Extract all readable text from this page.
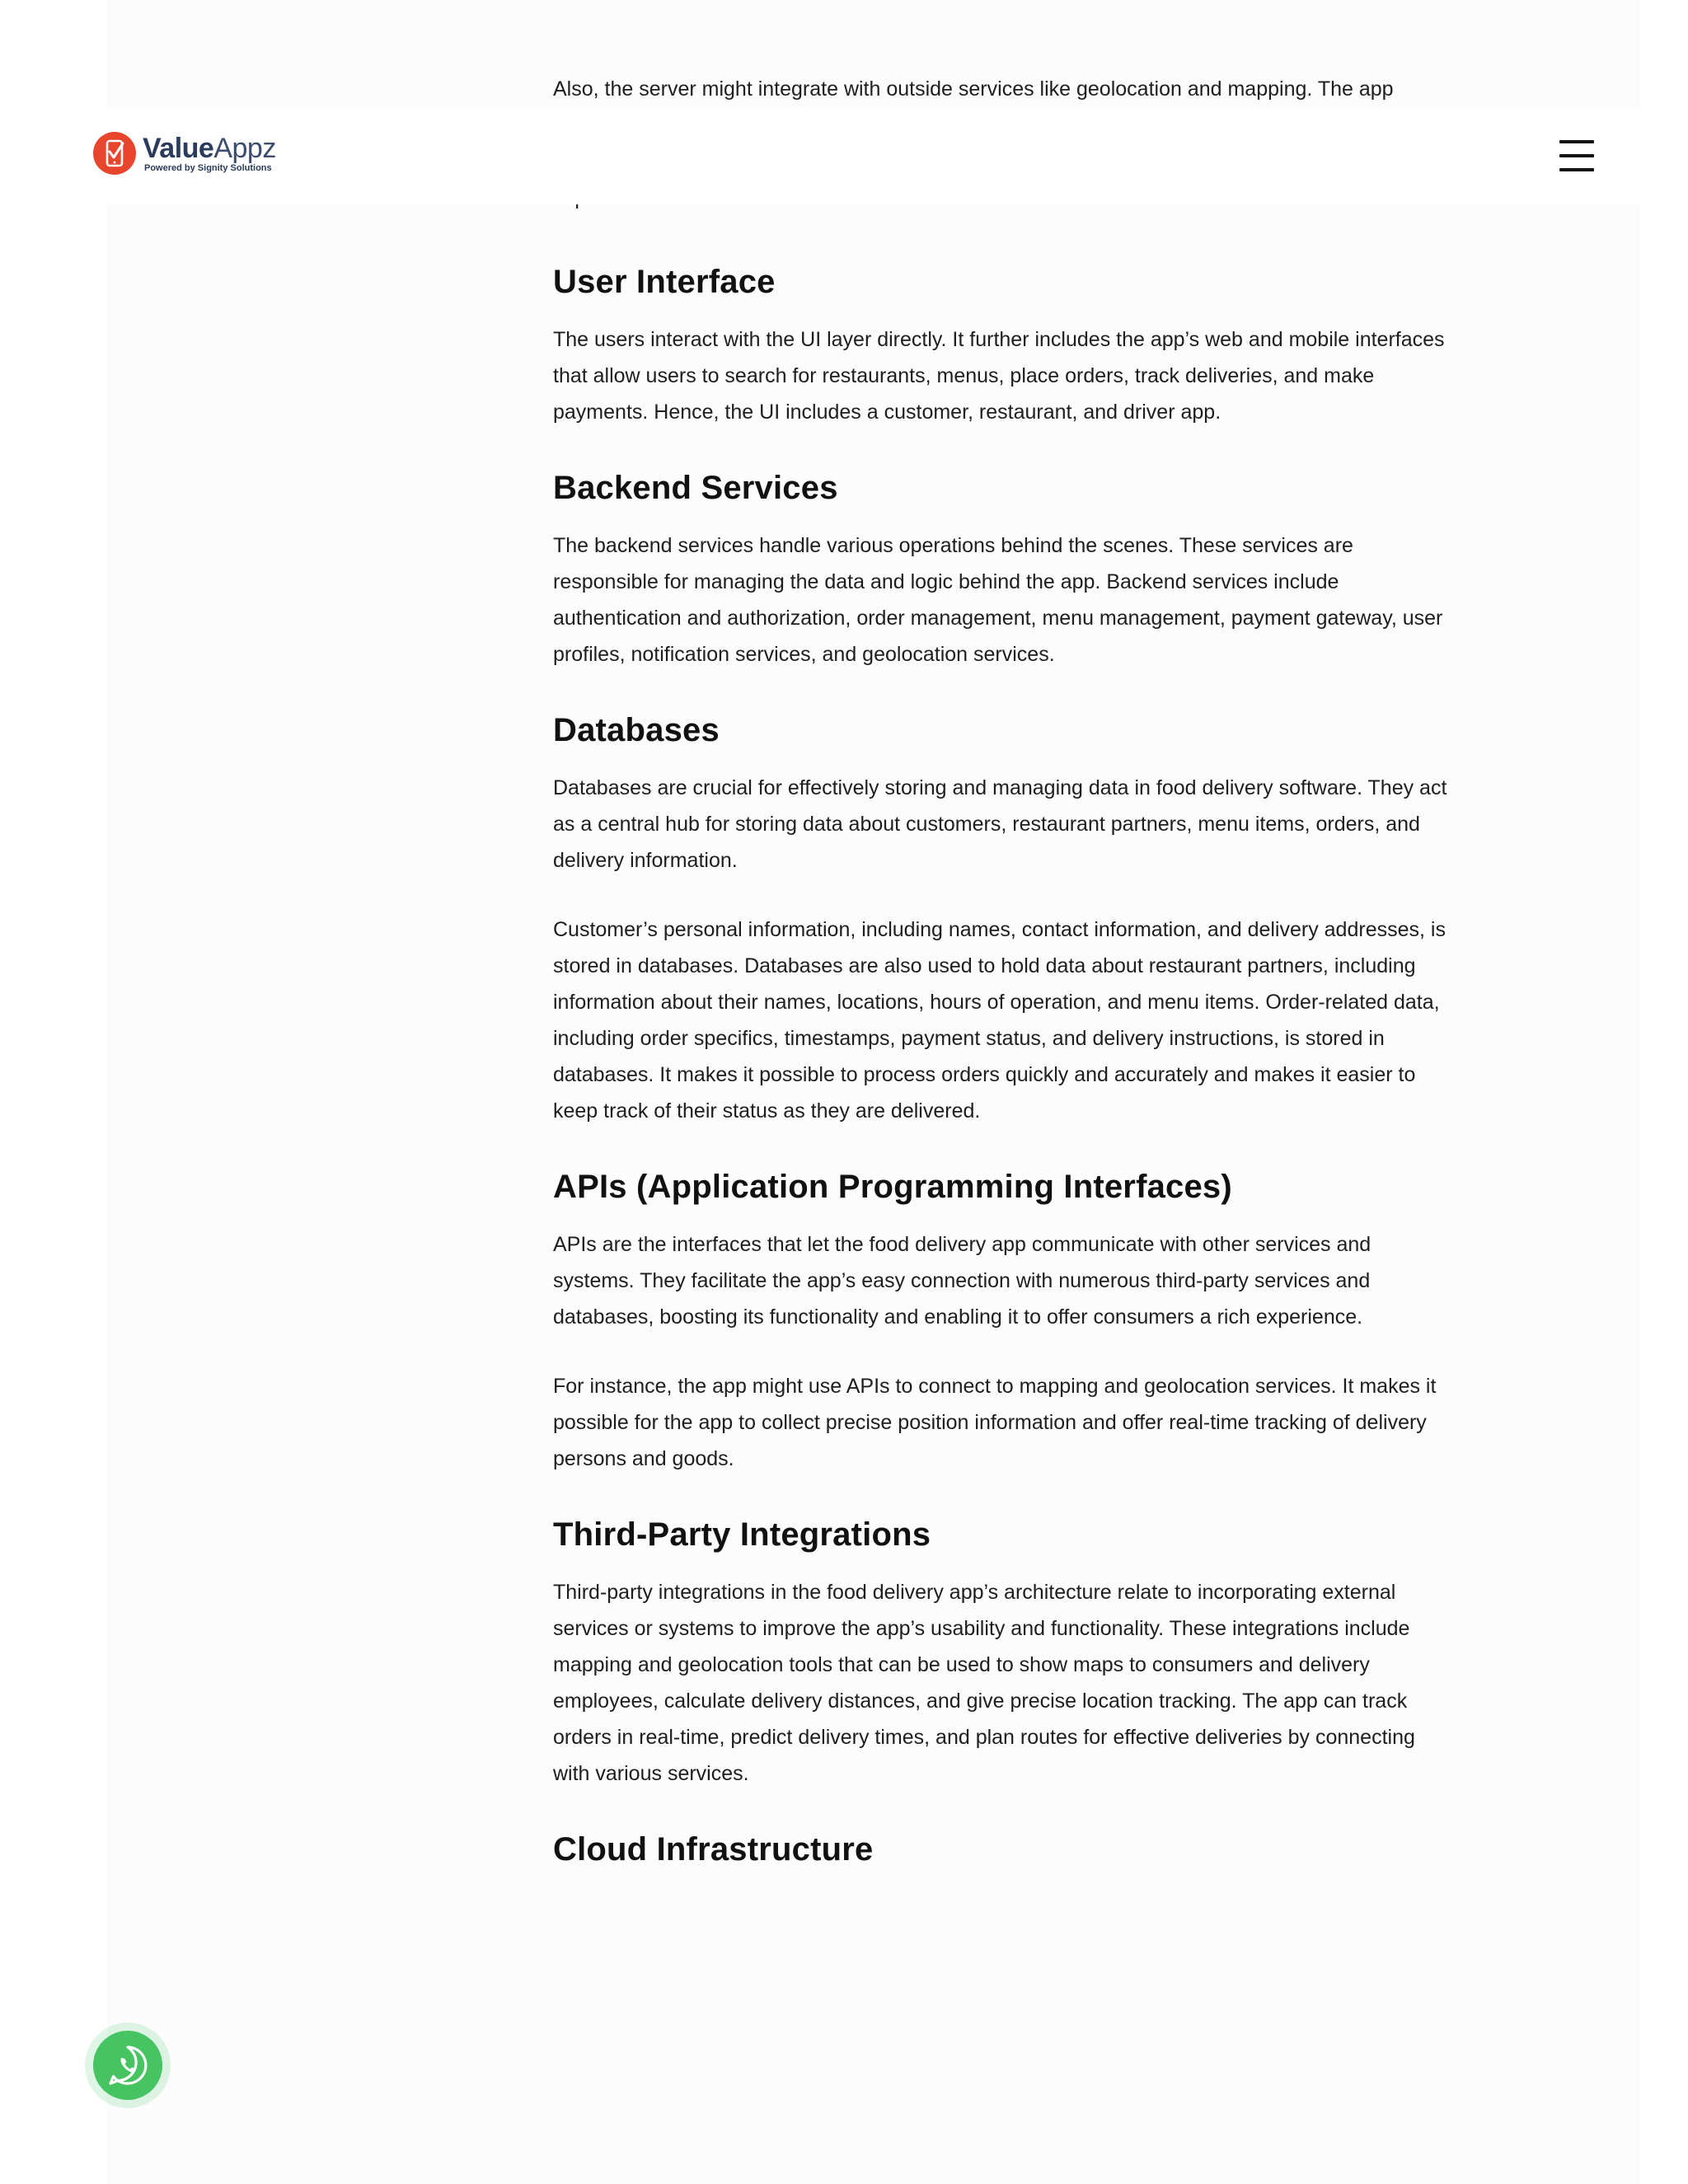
Also, the server might integrate with outside services like geolocation and mapping. The app

User Interface

The users interact with the UI layer directly. It further includes the app’s web and mobile interfaces that allow users to search for restaurants, menus, place orders, track deliveries, and make payments. Hence, the UI includes a customer, restaurant, and driver app.

Backend Services

The backend services handle various operations behind the scenes. These services are responsible for managing the data and logic behind the app. Backend services include authentication and authorization, order management, menu management, payment gateway, user profiles, notification services, and geolocation services.

Databases

Databases are crucial for effectively storing and managing data in food delivery software. They act as a central hub for storing data about customers, restaurant partners, menu items, orders, and delivery information.

Customer’s personal information, including names, contact information, and delivery addresses, is stored in databases. Databases are also used to hold data about restaurant partners, including information about their names, locations, hours of operation, and menu items. Order-related data, including order specifics, timestamps, payment status, and delivery instructions, is stored in databases. It makes it possible to process orders quickly and accurately and makes it easier to keep track of their status as they are delivered.

APIs (Application Programming Interfaces)

APIs are the interfaces that let the food delivery app communicate with other services and systems. They facilitate the app’s easy connection with numerous third-party services and databases, boosting its functionality and enabling it to offer consumers a rich experience.

For instance, the app might use APIs to connect to mapping and geolocation services. It makes it possible for the app to collect precise position information and offer real-time tracking of delivery persons and goods.

Third-Party Integrations

Third-party integrations in the food delivery app’s architecture relate to incorporating external services or systems to improve the app’s usability and functionality. These integrations include mapping and geolocation tools that can be used to show maps to consumers and delivery employees, calculate delivery distances, and give precise location tracking. The app can track orders in real-time, predict delivery times, and plan routes for effective deliveries by connecting with various services.

Cloud Infrastructure
ValueAppz
Powered by Signity Solutions
